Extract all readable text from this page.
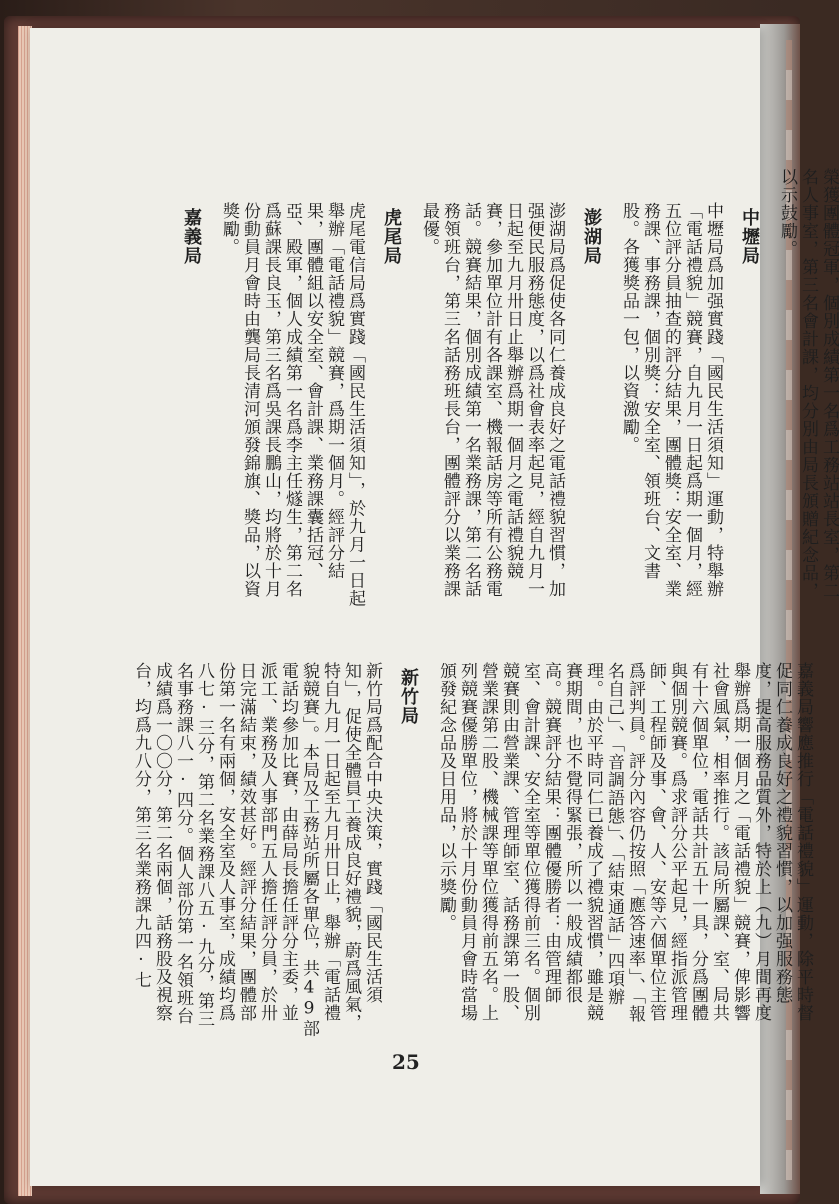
榮獲團體冠軍，個別成績第一名爲工務站站長室，第二名人事室，第三名會計課，均分別由局長頒贈紀念品，以示鼓勵。
中壢局
中壢局爲加强實踐「國民生活須知」運動，特舉辦「電話禮貌」競賽，自九月一日起爲期一個月，經五位評分員抽查的評分結果，團體獎：安全室、業務課、事務課，個別獎：安全室、領班台、文書股。各獲獎品一包，以資激勵。
澎湖局
澎湖局爲促使各同仁養成良好之電話禮貌習慣，加强便民服務態度，以爲社會表率起見，經自九月一日起至九月卅日止舉辦爲期一個月之電話禮貌競賽，參加單位計有各課室、機報話房等所有公務電話。競賽結果，個別成績第一名業務課，第二名話務領班台，第三名話務班長台，團體評分以業務課最優。
虎尾局
虎尾電信局爲實踐「國民生活須知」，於九月一日起舉辦「電話禮貌」競賽，爲期一個月。經評分結果，團體組以安全室、會計課、業務課囊括冠、亞、殿軍，個人成績第一名爲李主任燧生，第二名爲蘇課長良玉，第三名爲吳課長鵬山，均將於十月份動員月會時由龔局長清河頒發錦旗、獎品，以資獎勵。
嘉義局
嘉義局響應推行「電話禮貌」運動，除平時督促同仁養成良好之禮貌習慣，以加强服務態度，提高服務品質外，特於上（九）月間再度舉辦爲期一個月之「電話禮貌」競賽，俾影響社會風氣，相率推行。該局所屬課、室、局共有十六個單位，電話共計五十一具，分爲團體與個別競賽。爲求評分公平起見，經指派管理師、工程師及事、會、人、安等六個單位主管爲評判員。評分內容仍按照「應答速率」、「報名自己」、「音調語態」、「結束通話」四項辦理。由於平時同仁已養成了禮貌習慣，雖是競賽期間，也不覺得緊張，所以一般成績都很高。競賽評分結果：團體優勝者：由管理師室、會計課、安全室等單位獲得前三名。個別競賽則由營業課、管理師室、話務課第一股、營業課第二股、機械課等單位獲得前五名。上列競賽優勝單位，將於十月份動員月會時當場頒發紀念品及日用品，以示獎勵。
新竹局
新竹局爲配合中央決策，實踐「國民生活須知」，促使全體員工養成良好禮貌，蔚爲風氣，特自九月一日起至九月卅日止，舉辦「電話禮貌競賽」。本局及工務站所屬各單位，共49部電話均參加比賽，由薛局長擔任評分主委，並派工、業務及人事部門五人擔任評分員，於卅日完滿結束，績效甚好。經評分結果，團體部份第一名有兩個，安全室及人事室，成績均爲八七·三分，第二名業務課八五·九分，第三名事務課八一·四分。個人部份第一名領班台成績爲一〇〇分，第二名兩個，話務股及視察台，均爲九八分，第三名業務課九四·七
25
